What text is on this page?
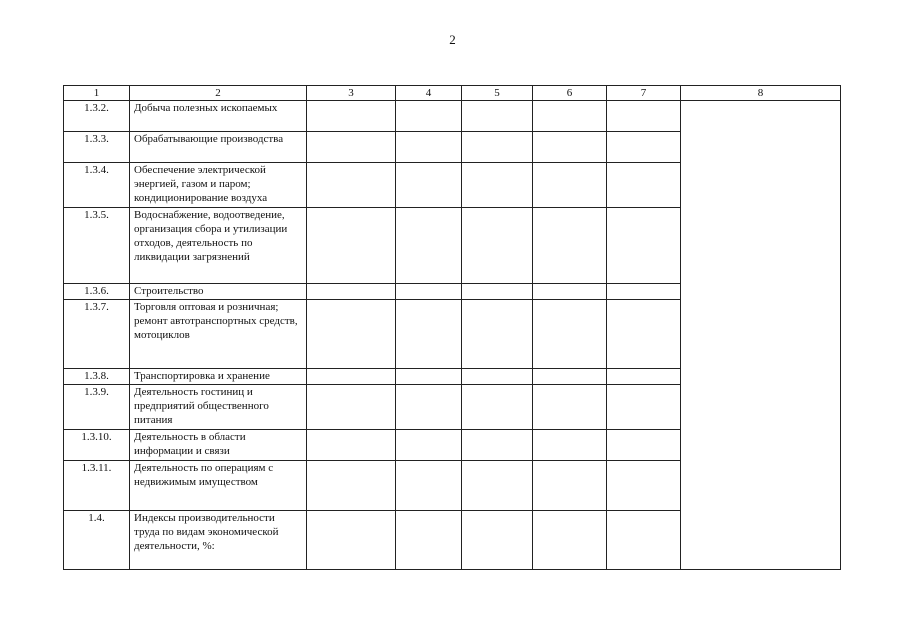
2
1	2	3	4	5	6	7	8
1.3.2.	Добыча полезных ископаемых						
1.3.3.	Обрабатывающие производства						
1.3.4.	Обеспечение электрической энергией, газом и паром; кондиционирование воздуха						
1.3.5.	Водоснабжение, водоотведение, организация сбора и утилизации отходов, деятельность по ликвидации загрязнений						
1.3.6.	Строительство						
1.3.7.	Торговля оптовая и розничная; ремонт автотранспортных средств, мотоциклов						
1.3.8.	Транспортировка и хранение						
1.3.9.	Деятельность гостиниц и предприятий общественного питания						
1.3.10.	Деятельность в области информации и связи						
1.3.11.	Деятельность по операциям с недвижимым имуществом						
1.4.	Индексы производительности труда по видам экономической деятельности, %:						
